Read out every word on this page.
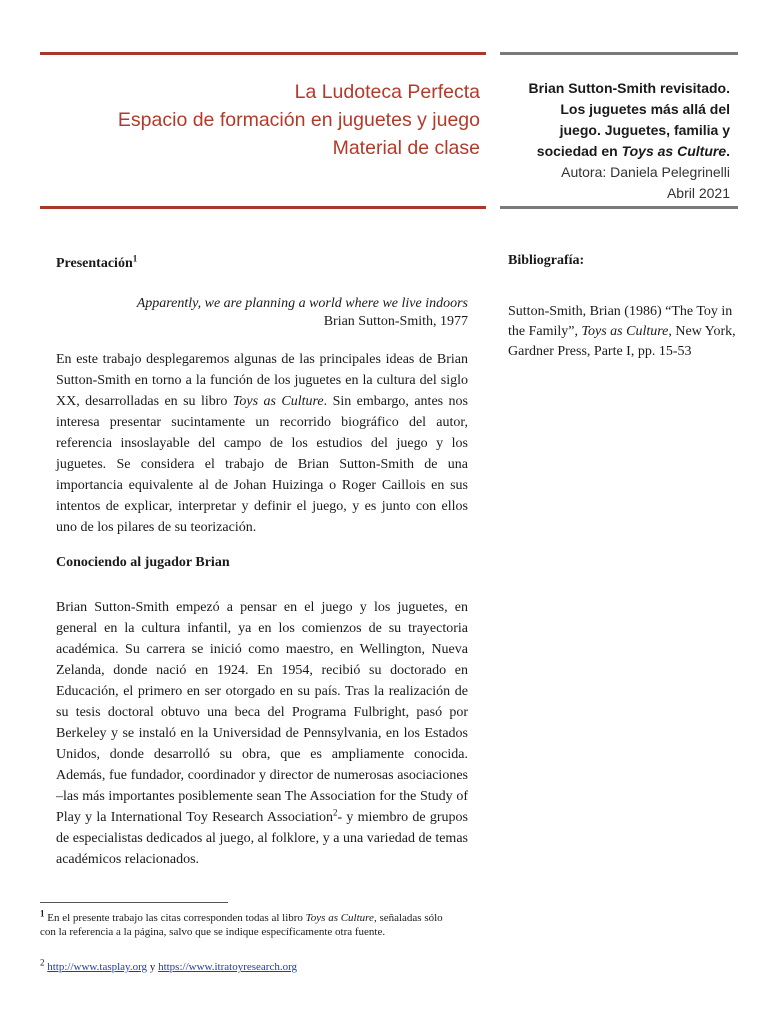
La Ludoteca Perfecta
Espacio de formación en juguetes y juego
Material de clase
Brian Sutton-Smith revisitado.
Los juguetes más allá del
juego. Juguetes, familia y
sociedad en Toys as Culture.
Autora: Daniela Pelegrinelli
Abril 2021
Presentación$^1$
Apparently, we are planning a world where we live indoors
Brian Sutton-Smith, 1977
En este trabajo desplegaremos algunas de las principales ideas de Brian Sutton-Smith en torno a la función de los juguetes en la cultura del siglo XX, desarrolladas en su libro Toys as Culture. Sin embargo, antes nos interesa presentar sucintamente un recorrido biográfico del autor, referencia insoslayable del campo de los estudios del juego y los juguetes. Se considera el trabajo de Brian Sutton-Smith de una importancia equivalente al de Johan Huizinga o Roger Caillois en sus intentos de explicar, interpretar y definir el juego, y es junto con ellos uno de los pilares de su teorización.
Conociendo al jugador Brian
Brian Sutton-Smith empezó a pensar en el juego y los juguetes, en general en la cultura infantil, ya en los comienzos de su trayectoria académica. Su carrera se inició como maestro, en Wellington, Nueva Zelanda, donde nació en 1924. En 1954, recibió su doctorado en Educación, el primero en ser otorgado en su país. Tras la realización de su tesis doctoral obtuvo una beca del Programa Fulbright, pasó por Berkeley y se instaló en la Universidad de Pennsylvania, en los Estados Unidos, donde desarrolló su obra, que es ampliamente conocida. Además, fue fundador, coordinador y director de numerosas asociaciones –las más importantes posiblemente sean The Association for the Study of Play y la International Toy Research Association$^2$- y miembro de grupos de especialistas dedicados al juego, al folklore, y a una variedad de temas académicos relacionados.
Bibliografía:
Sutton-Smith, Brian (1986) “The Toy in the Family”, Toys as Culture, New York, Gardner Press, Parte I, pp. 15-53
$^1$ En el presente trabajo las citas corresponden todas al libro Toys as Culture, señaladas sólo con la referencia a la página, salvo que se indique específicamente otra fuente.
$^2$ http://www.tasplay.org y https://www.itratoyresearch.org
